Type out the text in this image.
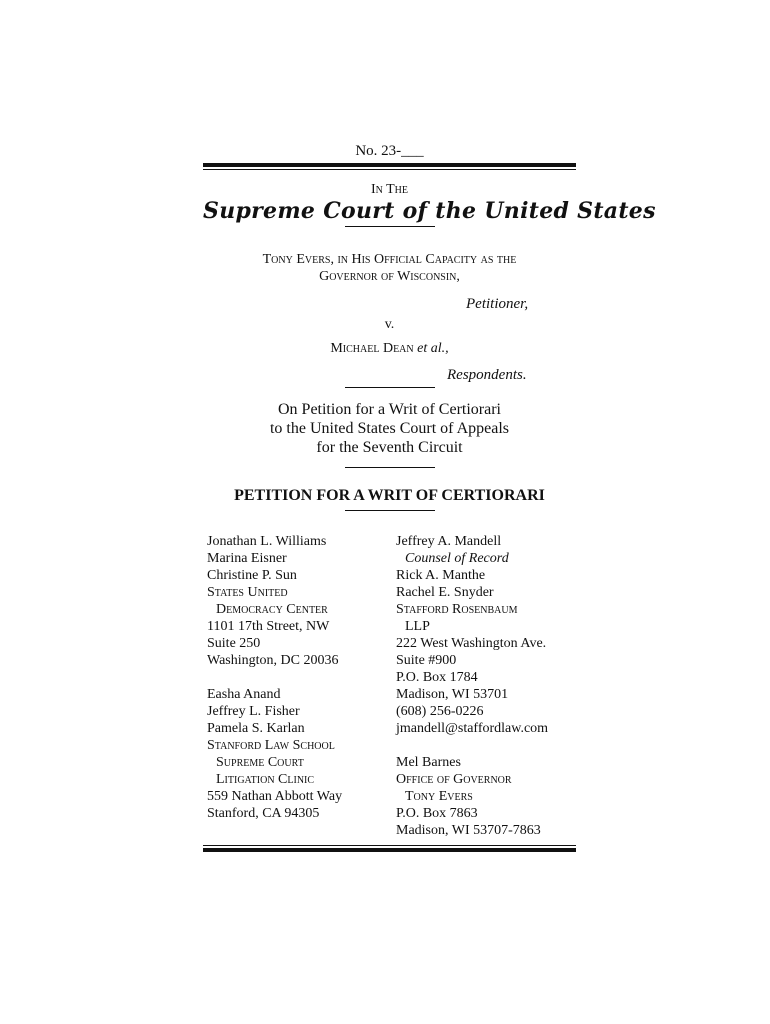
No. 23-___
In The
Supreme Court of the United States
Tony Evers, in His Official Capacity as the
Governor of Wisconsin,
Petitioner,
v.
Michael Dean et al.,
Respondents.
On Petition for a Writ of Certiorari
to the United States Court of Appeals
for the Seventh Circuit
PETITION FOR A WRIT OF CERTIORARI
Jonathan L. Williams
Marina Eisner
Christine P. Sun
States United
Democracy Center
1101 17th Street, NW
Suite 250
Washington, DC 20036
Easha Anand
Jeffrey L. Fisher
Pamela S. Karlan
Stanford Law School
Supreme Court
Litigation Clinic
559 Nathan Abbott Way
Stanford, CA 94305
Jeffrey A. Mandell
Counsel of Record
Rick A. Manthe
Rachel E. Snyder
Stafford Rosenbaum
LLP
222 West Washington Ave.
Suite #900
P.O. Box 1784
Madison, WI 53701
(608) 256-0226
jmandell@staffordlaw.com
Mel Barnes
Office of Governor
Tony Evers
P.O. Box 7863
Madison, WI 53707-7863
